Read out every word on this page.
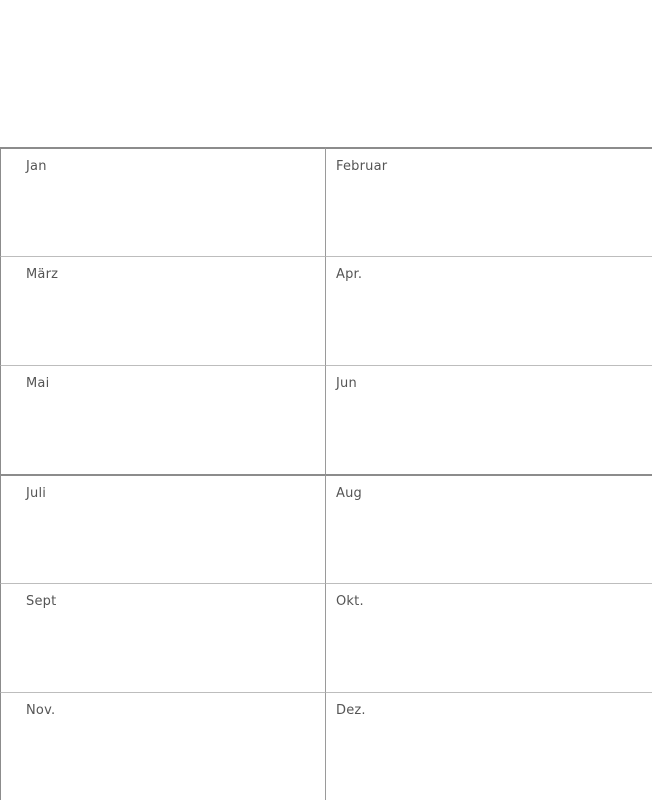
Jan	Februar
März	Apr.
Mai	Jun
Juli	Aug
Sept	Okt.
Nov.	Dez.
